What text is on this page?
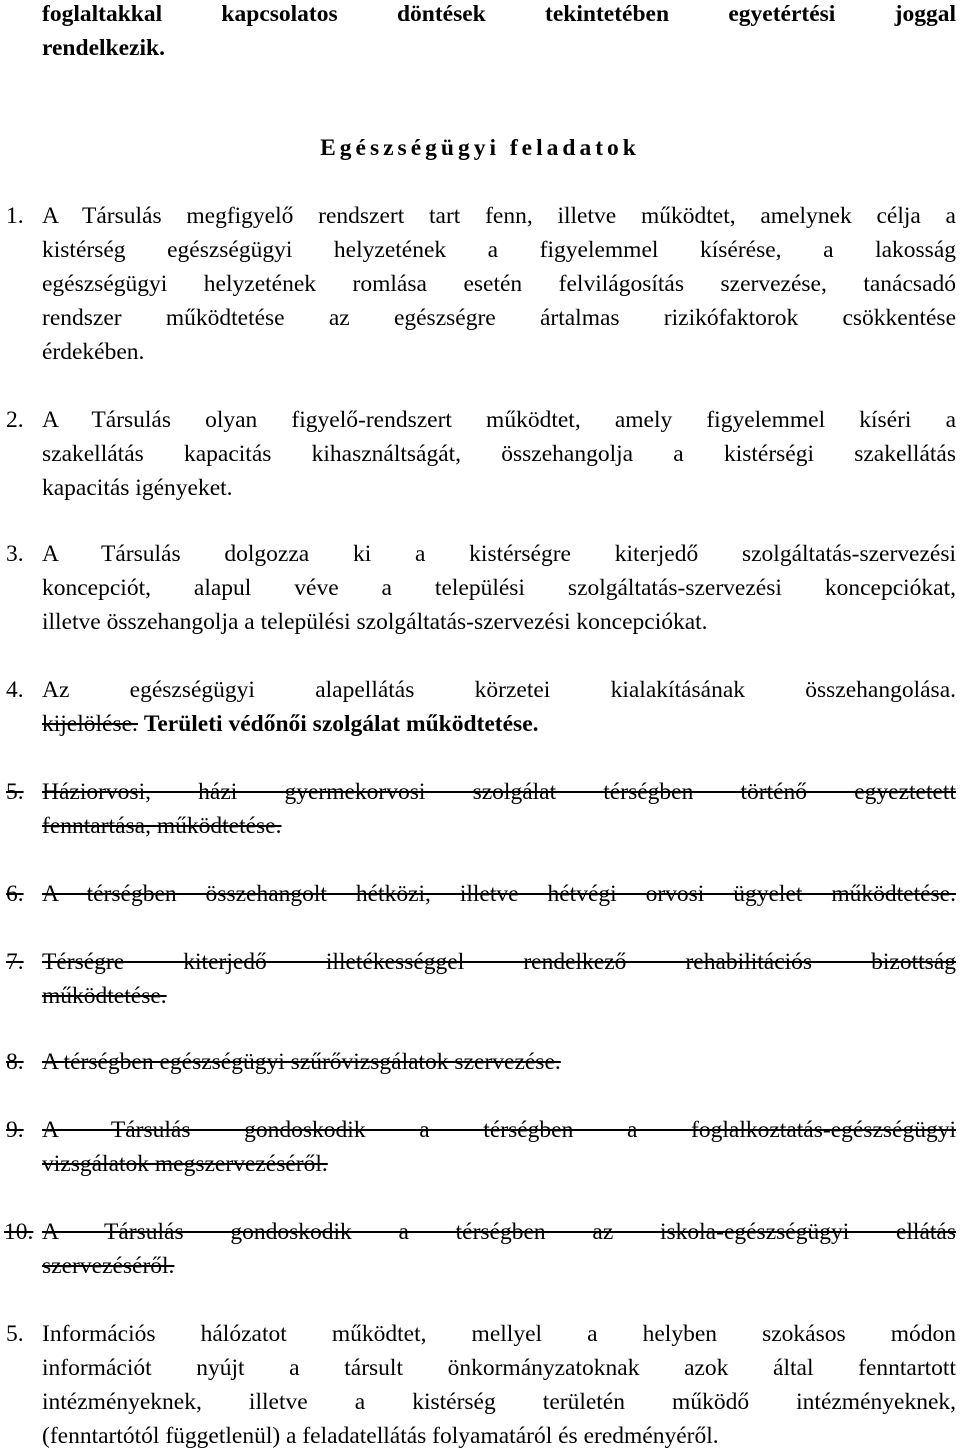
foglaltakkal kapcsolatos döntések tekintetében egyetértési joggal
rendelkezik.
Egészségügyi feladatok
1. A Társulás megfigyelő rendszert tart fenn, illetve működtet, amelynek célja a
kistérség egészségügyi helyzetének a figyelemmel kísérése, a lakosság
egészségügyi helyzetének romlása esetén felvilágosítás szervezése, tanácsadó
rendszer működtetése az egészségre ártalmas rizikófaktorok csökkentése
érdekében.
2. A Társulás olyan figyelő-rendszert működtet, amely figyelemmel kíséri a
szakellátás kapacitás kihasználtságát, összehangolja a kistérségi szakellátás
kapacitás igényeket.
3. A Társulás dolgozza ki a kistérségre kiterjedő szolgáltatás-szervezési
koncepciót, alapul véve a települési szolgáltatás-szervezési koncepciókat,
illetve összehangolja a települési szolgáltatás-szervezési koncepciókat.
4. Az egészségügyi alapellátás körzetei kialakításának összehangolása.
kijelölése. Területi védőnői szolgálat működtetése.
5. Háziorvosi, házi gyermekorvosi szolgálat térségben történő egyeztetett
fenntartása, működtetése.
6. A térségben összehangolt hétközi, illetve hétvégi orvosi ügyelet működtetése.
7. Térségre kiterjedő illetékességgel rendelkező rehabilitációs bizottság
működtetése.
8. A térségben egészségügyi szűrővizsgálatok szervezése.
9. A Társulás gondoskodik a térségben a foglalkoztatás-egészségügyi
vizsgálatok megszervezéséről.
10. A Társulás gondoskodik a térségben az iskola-egészségügyi ellátás
szervezéséről.
5. Információs hálózatot működtet, mellyel a helyben szokásos módon
információt nyújt a társult önkormányzatoknak azok által fenntartott
intézményeknek, illetve a kistérség területén működő intézményeknek,
(fenntartótól függetlenül) a feladatellátás folyamatáról és eredményéről.
